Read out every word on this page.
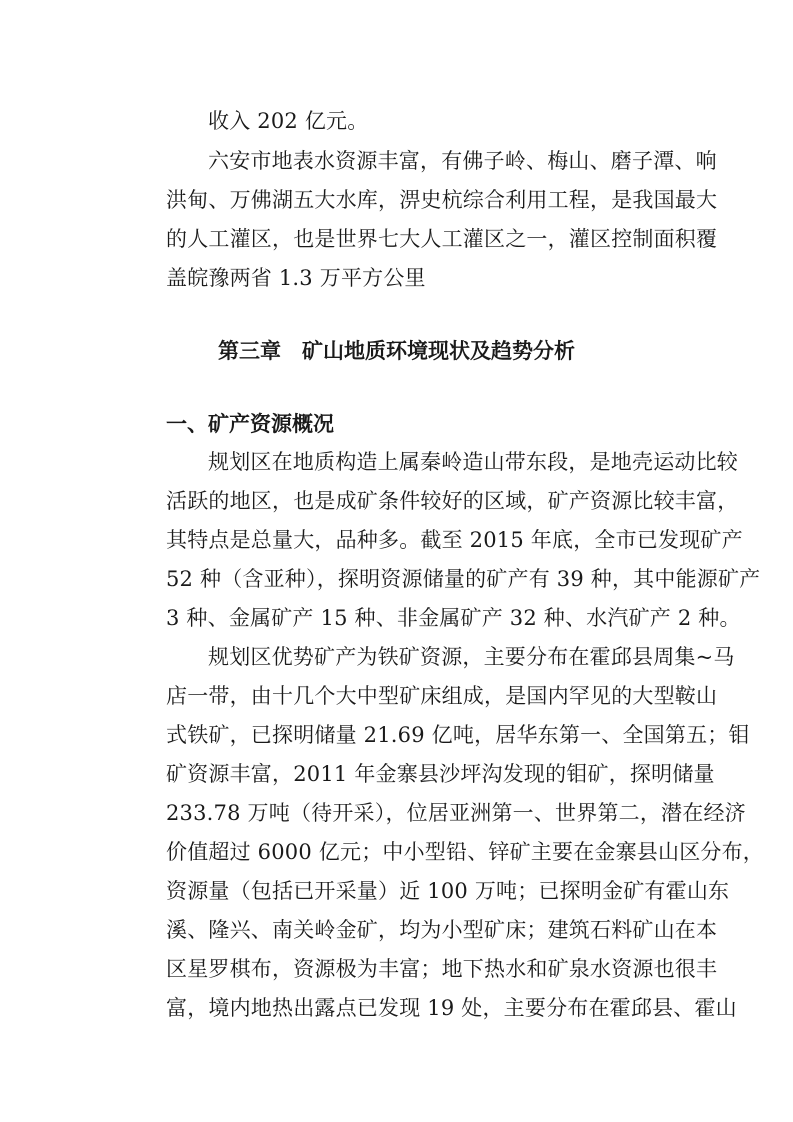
收入 202 亿元。
六安市地表水资源丰富，有佛子岭、梅山、磨子潭、响
洪甸、万佛湖五大水库，淠史杭综合利用工程，是我国最大
的人工灌区，也是世界七大人工灌区之一，灌区控制面积覆
盖皖豫两省 1.3 万平方公里
第三章　矿山地质环境现状及趋势分析
一、矿产资源概况
规划区在地质构造上属秦岭造山带东段，是地壳运动比较
活跃的地区，也是成矿条件较好的区域，矿产资源比较丰富，
其特点是总量大，品种多。截至 2015 年底，全市已发现矿产
52 种（含亚种），探明资源储量的矿产有 39 种，其中能源矿产
3 种、金属矿产 15 种、非金属矿产 32 种、水汽矿产 2 种。
规划区优势矿产为铁矿资源，主要分布在霍邱县周集~马
店一带，由十几个大中型矿床组成，是国内罕见的大型鞍山
式铁矿，已探明储量 21.69 亿吨，居华东第一、全国第五；钼
矿资源丰富，2011 年金寨县沙坪沟发现的钼矿，探明储量
233.78 万吨（待开采），位居亚洲第一、世界第二，潜在经济
价值超过 6000 亿元；中小型铅、锌矿主要在金寨县山区分布，
资源量（包括已开采量）近 100 万吨；已探明金矿有霍山东
溪、隆兴、南关岭金矿，均为小型矿床；建筑石料矿山在本
区星罗棋布，资源极为丰富；地下热水和矿泉水资源也很丰
富，境内地热出露点已发现 19 处，主要分布在霍邱县、霍山
